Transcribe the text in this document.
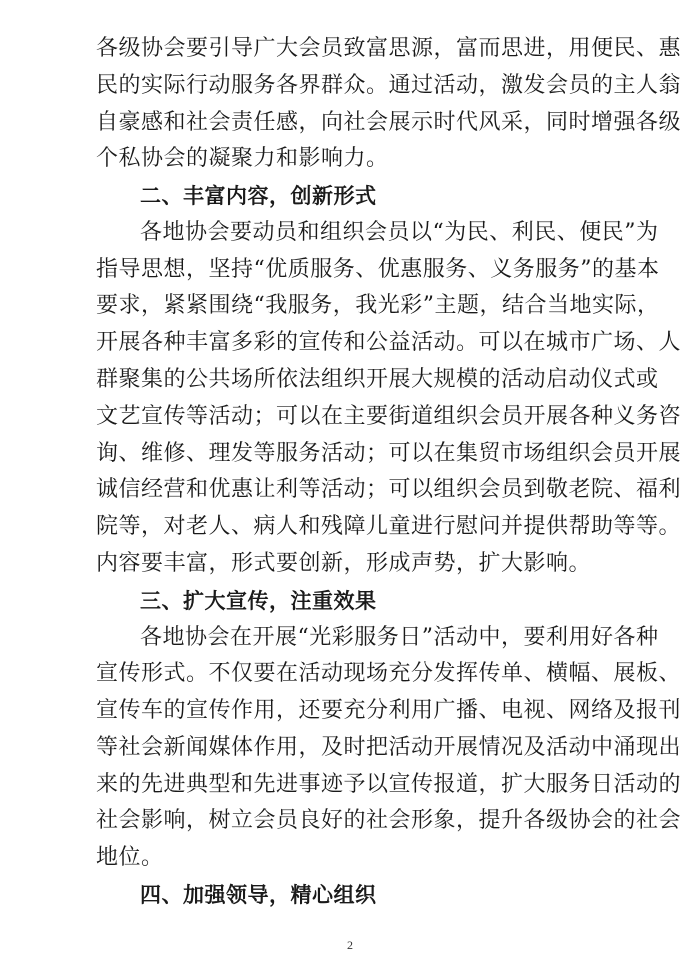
各级协会要引导广大会员致富思源，富而思进，用便民、惠
民的实际行动服务各界群众。通过活动，激发会员的主人翁
自豪感和社会责任感，向社会展示时代风采，同时增强各级
个私协会的凝聚力和影响力。
二、丰富内容，创新形式
各地协会要动员和组织会员以“为民、利民、便民”为
指导思想，坚持“优质服务、优惠服务、义务服务”的基本
要求，紧紧围绕“我服务，我光彩”主题，结合当地实际，
开展各种丰富多彩的宣传和公益活动。可以在城市广场、人
群聚集的公共场所依法组织开展大规模的活动启动仪式或
文艺宣传等活动；可以在主要街道组织会员开展各种义务咨
询、维修、理发等服务活动；可以在集贸市场组织会员开展
诚信经营和优惠让利等活动；可以组织会员到敬老院、福利
院等，对老人、病人和残障儿童进行慰问并提供帮助等等。
内容要丰富，形式要创新，形成声势，扩大影响。
三、扩大宣传，注重效果
各地协会在开展“光彩服务日”活动中，要利用好各种
宣传形式。不仅要在活动现场充分发挥传单、横幅、展板、
宣传车的宣传作用，还要充分利用广播、电视、网络及报刊
等社会新闻媒体作用，及时把活动开展情况及活动中涌现出
来的先进典型和先进事迹予以宣传报道，扩大服务日活动的
社会影响，树立会员良好的社会形象，提升各级协会的社会
地位。
四、加强领导，精心组织
2
